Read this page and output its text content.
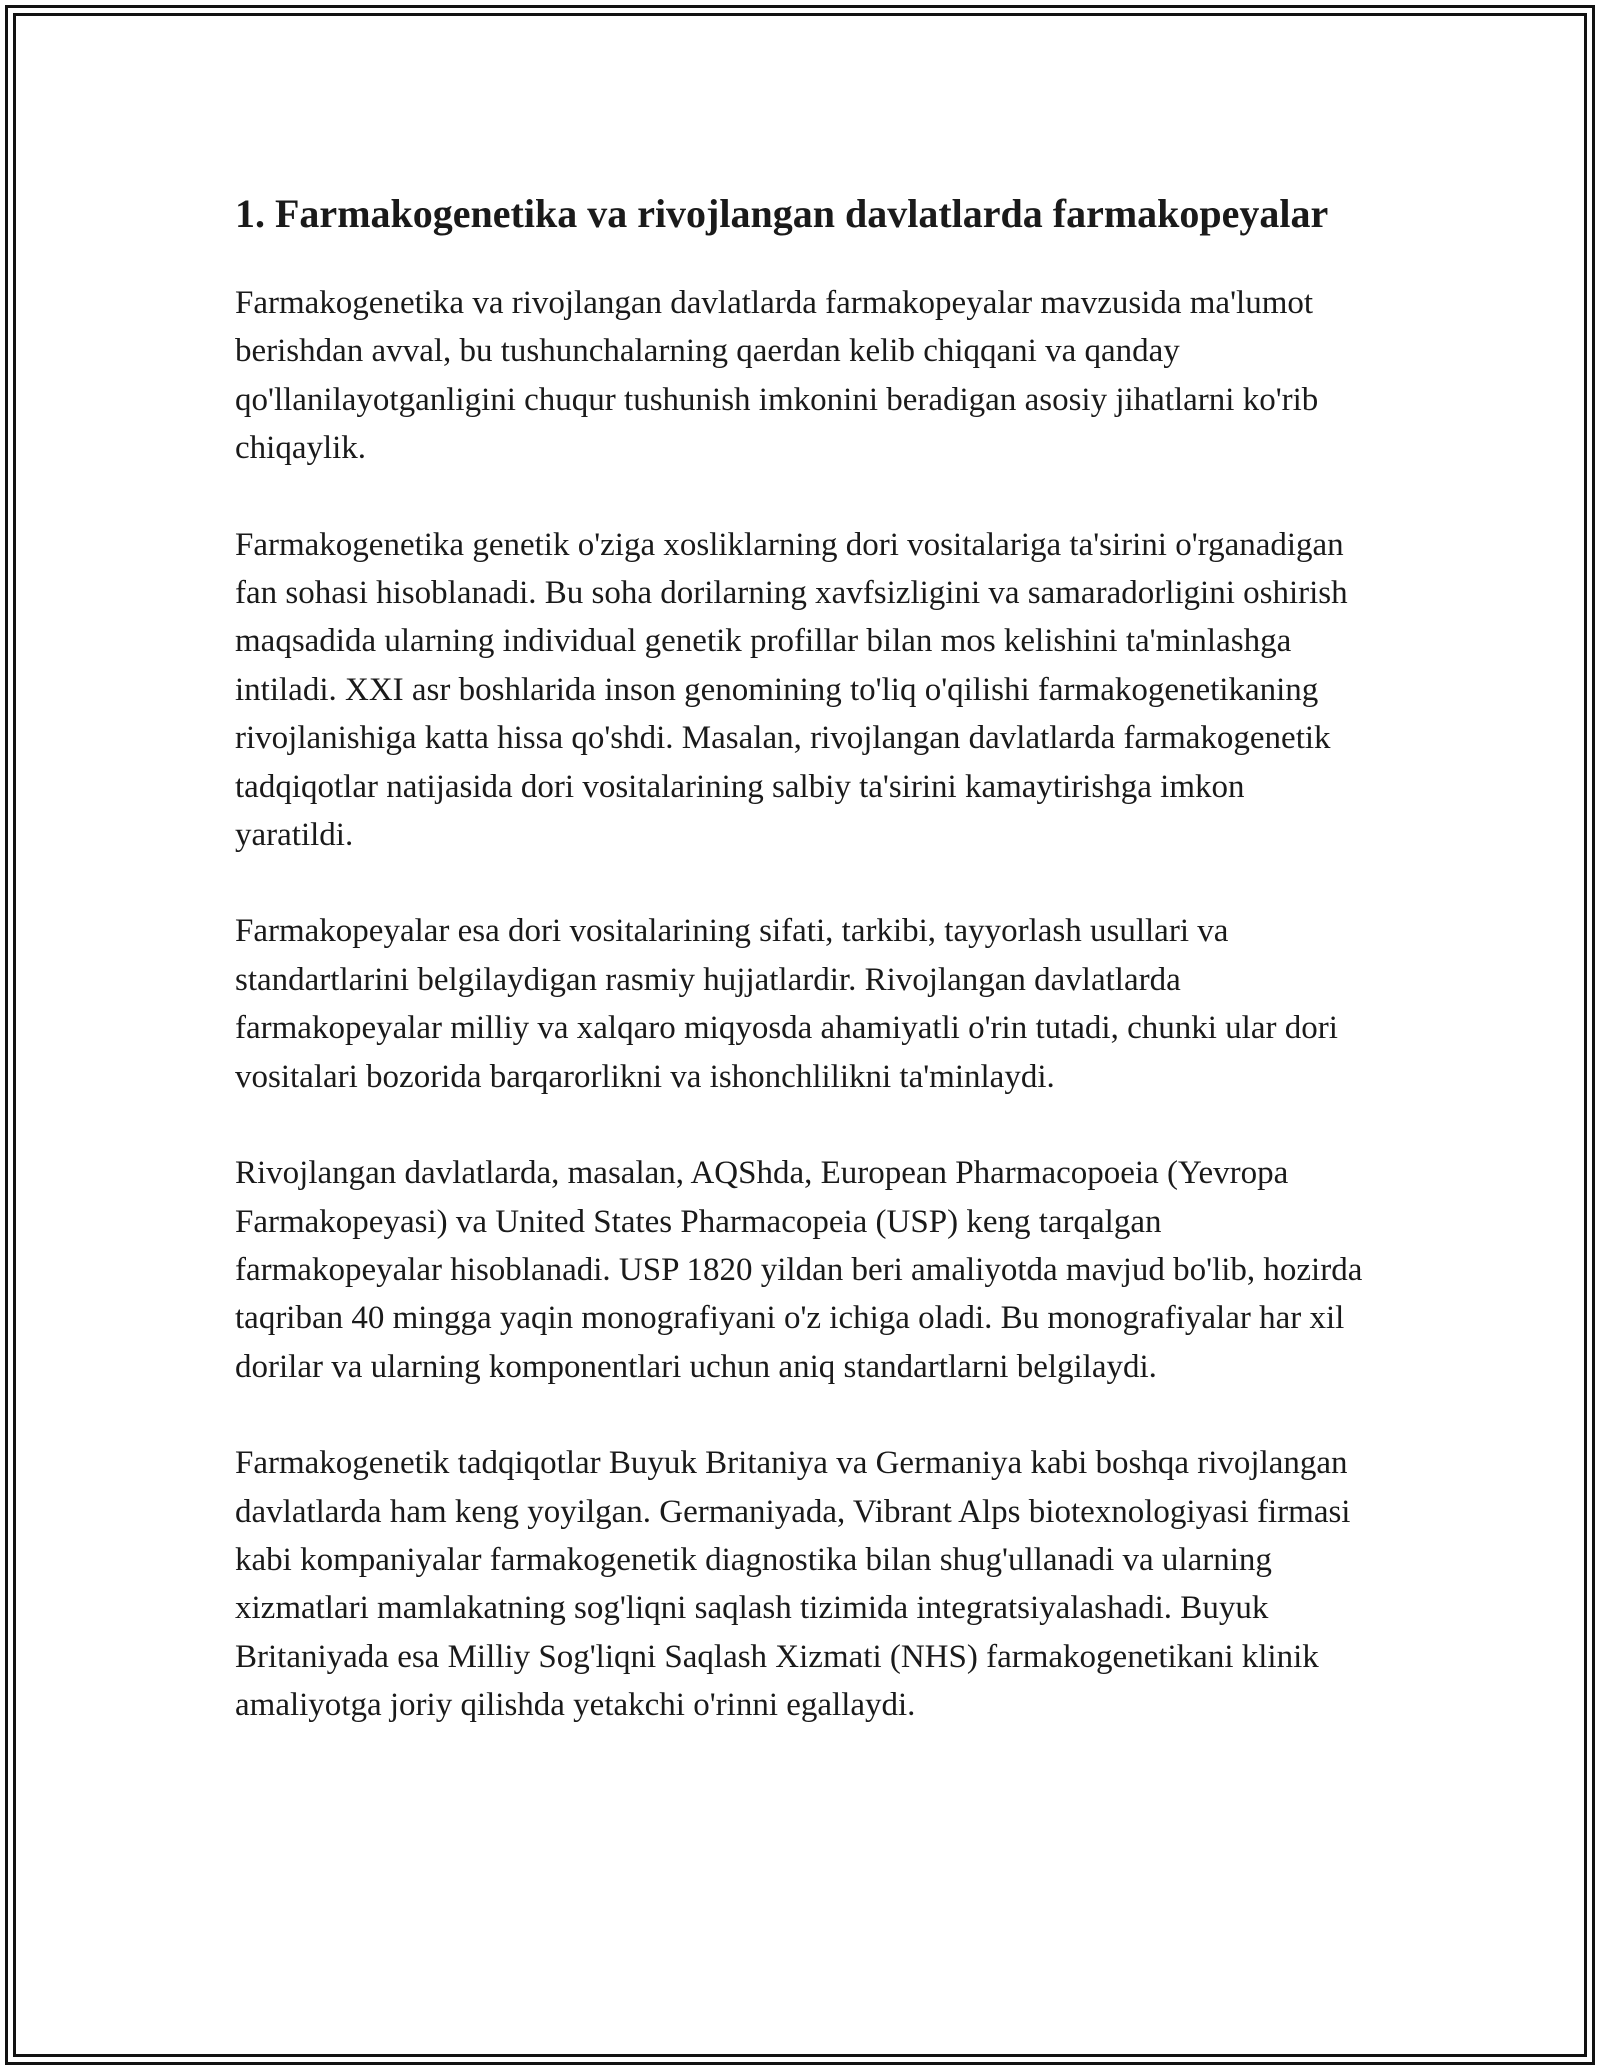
1. Farmakogenetika va rivojlangan davlatlarda farmakopeyalar

Farmakogenetika va rivojlangan davlatlarda farmakopeyalar mavzusida ma'lumot berishdan avval, bu tushunchalarning qaerdan kelib chiqqani va qanday qo'llanilayotganligini chuqur tushunish imkonini beradigan asosiy jihatlarni ko'rib chiqaylik.

Farmakogenetika genetik o'ziga xosliklarning dori vositalariga ta'sirini o'rganadigan fan sohasi hisoblanadi. Bu soha dorilarning xavfsizligini va samaradorligini oshirish maqsadida ularning individual genetik profillar bilan mos kelishini ta'minlashga intiladi. XXI asr boshlarida inson genomining to'liq o'qilishi farmakogenetikaning rivojlanishiga katta hissa qo'shdi. Masalan, rivojlangan davlatlarda farmakogenetik tadqiqotlar natijasida dori vositalarining salbiy ta'sirini kamaytirishga imkon yaratildi.

Farmakopeyalar esa dori vositalarining sifati, tarkibi, tayyorlash usullari va standartlarini belgilaydigan rasmiy hujjatlardir. Rivojlangan davlatlarda farmakopeyalar milliy va xalqaro miqyosda ahamiyatli o'rin tutadi, chunki ular dori vositalari bozorida barqarorlikni va ishonchlilikni ta'minlaydi.

Rivojlangan davlatlarda, masalan, AQShda, European Pharmacopoeia (Yevropa Farmakopeyasi) va United States Pharmacopeia (USP) keng tarqalgan farmakopeyalar hisoblanadi. USP 1820 yildan beri amaliyotda mavjud bo'lib, hozirda taqriban 40 mingga yaqin monografiyani o'z ichiga oladi. Bu monografiyalar har xil dorilar va ularning komponentlari uchun aniq standartlarni belgilaydi.

Farmakogenetik tadqiqotlar Buyuk Britaniya va Germaniya kabi boshqa rivojlangan davlatlarda ham keng yoyilgan. Germaniyada, Vibrant Alps biotexnologiyasi firmasi kabi kompaniyalar farmakogenetik diagnostika bilan shug'ullanadi va ularning xizmatlari mamlakatning sog'liqni saqlash tizimida integratsiyalashadi. Buyuk Britaniyada esa Milliy Sog'liqni Saqlash Xizmati (NHS) farmakogenetikani klinik amaliyotga joriy qilishda yetakchi o'rinni egallaydi.
